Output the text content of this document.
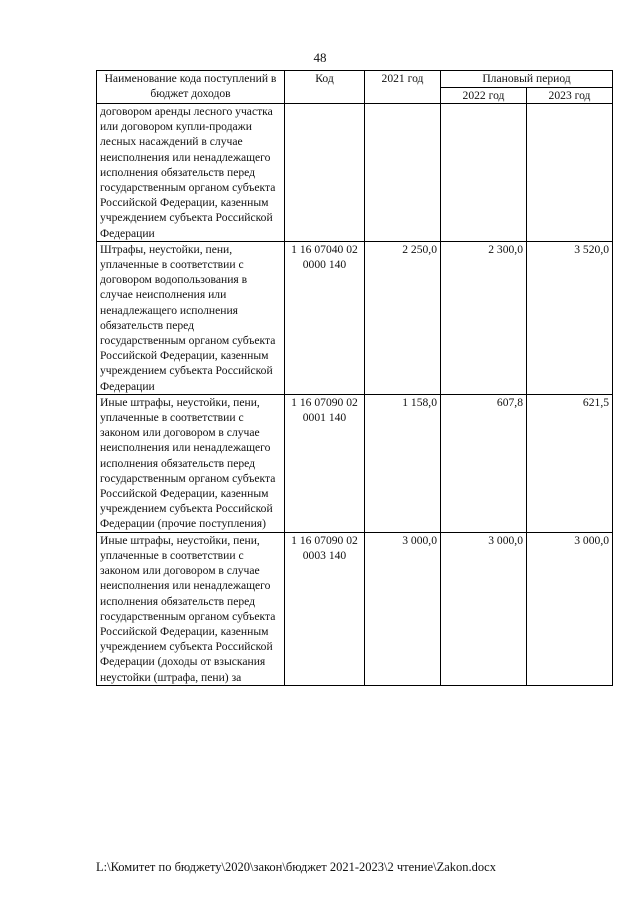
48
Наименование кода поступлений в бюджет доходов	Код	2021 год	Плановый период	
			2022 год	2023 год
договором аренды лесного участка или договором купли-продажи лесных насаждений в случае неисполнения или ненадлежащего исполнения обязательств перед государственным органом субъекта Российской Федерации, казенным учреждением субъекта Российской Федерации				
Штрафы, неустойки, пени, уплаченные в соответствии с договором водопользования в случае неисполнения или ненадлежащего исполнения обязательств перед государственным органом субъекта Российской Федерации, казенным учреждением субъекта Российской Федерации	1 16 07040 02 0000 140	2 250,0	2 300,0	3 520,0
Иные штрафы, неустойки, пени, уплаченные в соответствии с законом или договором в случае неисполнения или ненадлежащего исполнения обязательств перед государственным органом субъекта Российской Федерации, казенным учреждением субъекта Российской Федерации (прочие поступления)	1 16 07090 02 0001 140	1 158,0	607,8	621,5
Иные штрафы, неустойки, пени, уплаченные в соответствии с законом или договором в случае неисполнения или ненадлежащего исполнения обязательств перед государственным органом субъекта Российской Федерации, казенным учреждением субъекта Российской Федерации (доходы от взыскания неустойки (штрафа, пени) за	1 16 07090 02 0003 140	3 000,0	3 000,0	3 000,0
L:\Комитет по бюджету\2020\закон\бюджет 2021-2023\2 чтение\Zakon.docx
